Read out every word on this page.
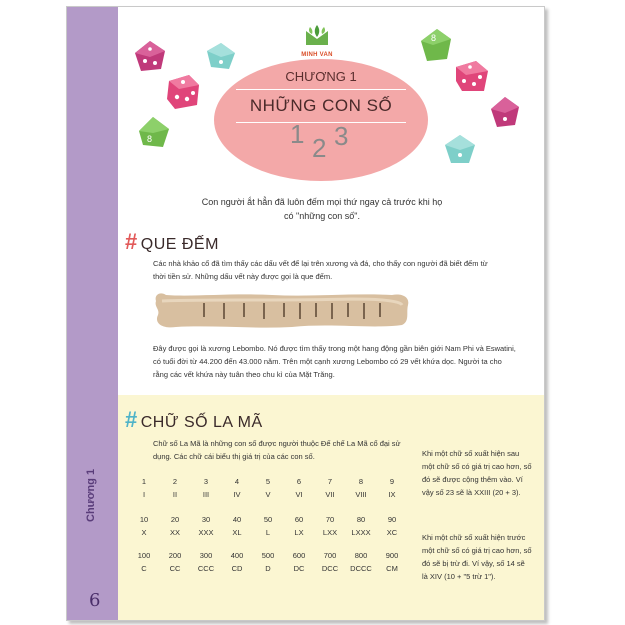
Chương 1
6
MINH VAN
8
8
CHƯƠNG 1
NHỮNG CON SỐ
1 2 3
Con người ắt hẳn đã luôn đếm mọi thứ ngay cả trước khi họ có "những con số".
# QUE ĐẾM
Các nhà khảo cổ đã tìm thấy các dấu vết để lại trên xương và đá, cho thấy con người đã biết đếm từ thời tiền sử. Những dấu vết này được gọi là que đếm.
Đây được gọi là xương Lebombo. Nó được tìm thấy trong một hang động gần biên giới Nam Phi và Eswatini, có tuổi đời từ 44.200 đến 43.000 năm. Trên một cạnh xương Lebombo có 29 vết khứa dọc. Người ta cho rằng các vết khứa này tuân theo chu kì của Mặt Trăng.
# CHỮ SỐ LA MÃ
Chữ số La Mã là những con số được người thuộc Đế chế La Mã cổ đại sử dụng. Các chữ cái biểu thị giá trị của các con số.
1	2	3	4	5	6	7	8	9
I	II	III	IV	V	VI	VII	VIII	IX
10	20	30	40	50	60	70	80	90
X	XX	XXX	XL	L	LX	LXX	LXXX	XC
100	200	300	400	500	600	700	800	900
C	CC	CCC	CD	D	DC	DCC	DCCC	CM
Khi một chữ số xuất hiện sau một chữ số có giá trị cao hơn, số đó sẽ được cộng thêm vào. Ví vậy số 23 sẽ là XXIII (20 + 3).
Khi một chữ số xuất hiện trước một chữ số có giá trị cao hơn, số đó sẽ bị trừ đi. Ví vậy, số 14 sẽ là XIV (10 + "5 trừ 1").
